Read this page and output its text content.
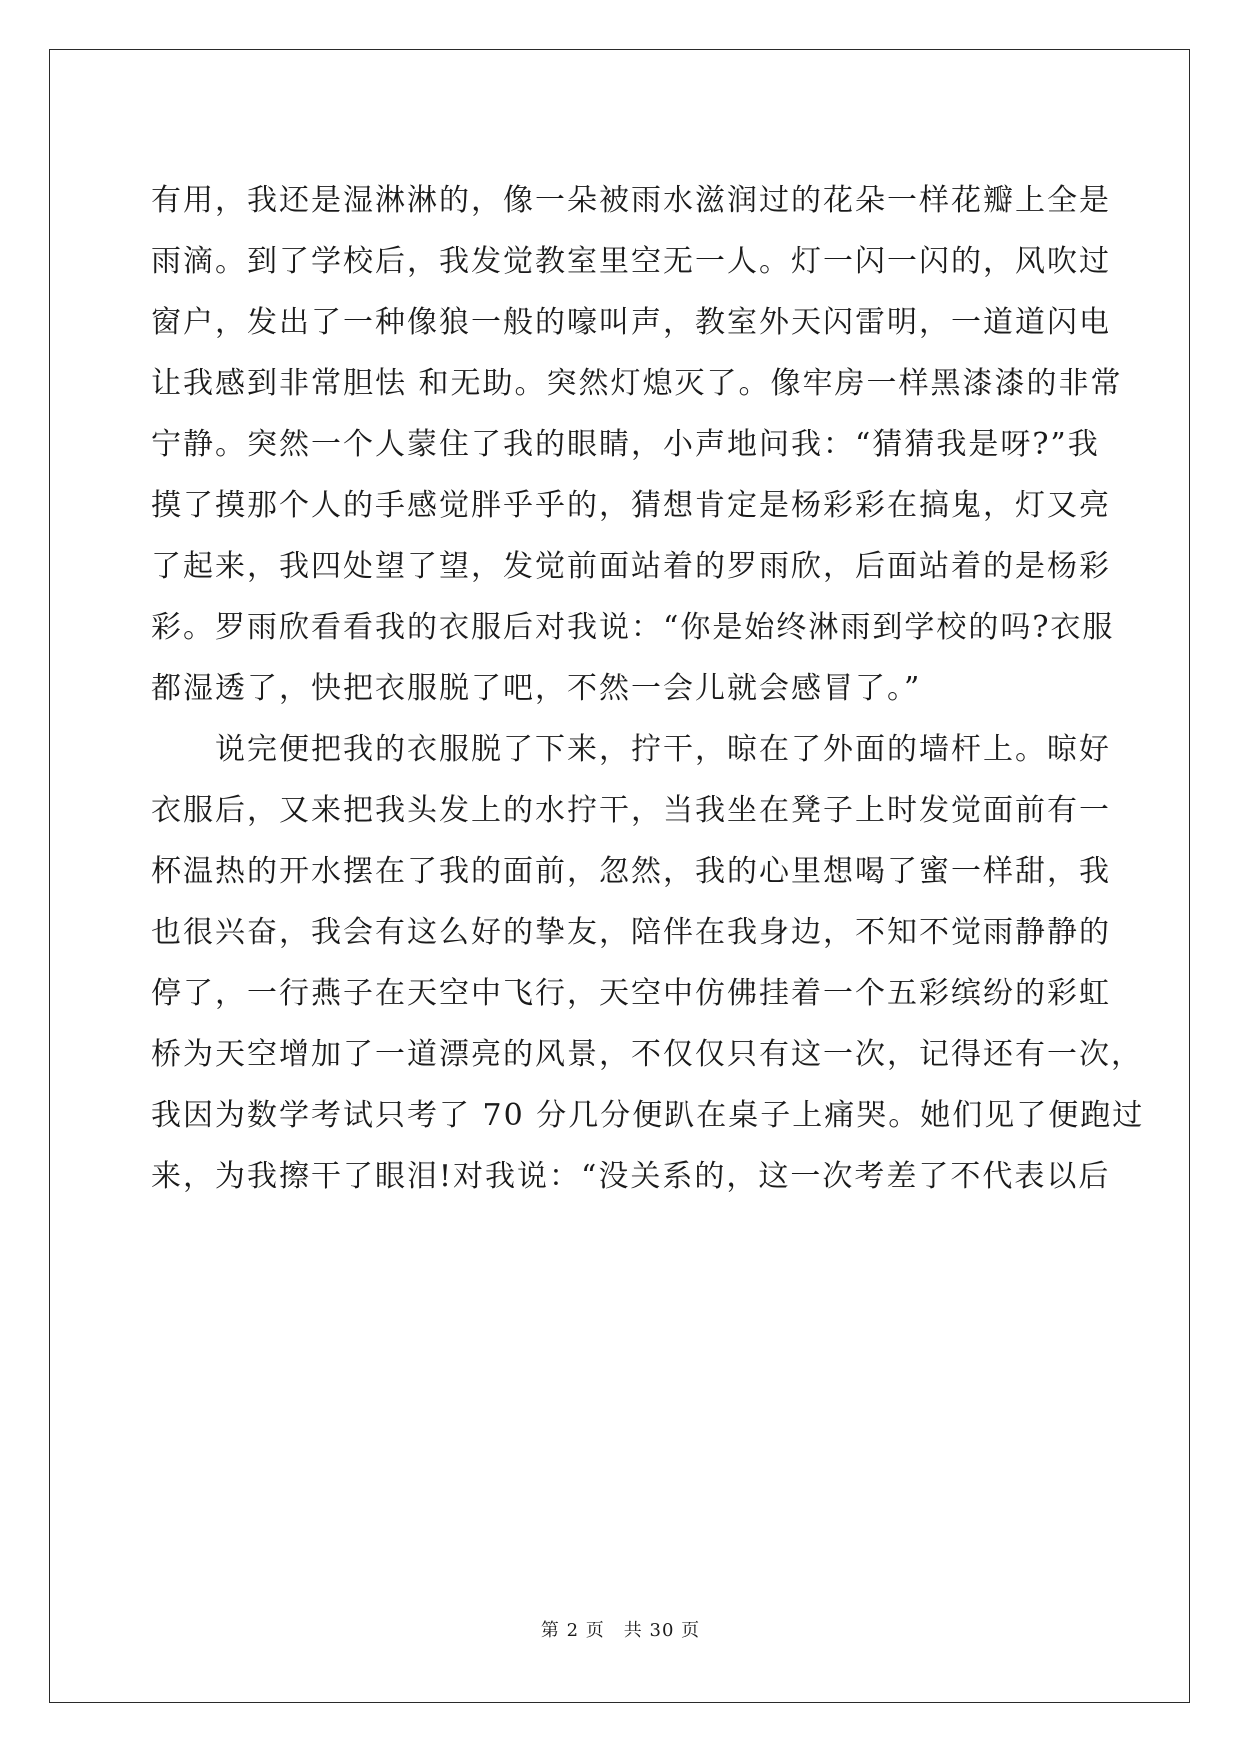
有用，我还是湿淋淋的，像一朵被雨水滋润过的花朵一样花瓣上全是
雨滴。到了学校后，我发觉教室里空无一人。灯一闪一闪的，风吹过
窗户，发出了一种像狼一般的嚎叫声，教室外天闪雷明，一道道闪电
让我感到非常胆怯 和无助。突然灯熄灭了。像牢房一样黑漆漆的非常
宁静。突然一个人蒙住了我的眼睛，小声地问我：“猜猜我是呀?”我
摸了摸那个人的手感觉胖乎乎的，猜想肯定是杨彩彩在搞鬼，灯又亮
了起来，我四处望了望，发觉前面站着的罗雨欣，后面站着的是杨彩
彩。罗雨欣看看我的衣服后对我说：“你是始终淋雨到学校的吗?衣服
都湿透了，快把衣服脱了吧，不然一会儿就会感冒了。”
　　说完便把我的衣服脱了下来，拧干，晾在了外面的墙杆上。晾好
衣服后，又来把我头发上的水拧干，当我坐在凳子上时发觉面前有一
杯温热的开水摆在了我的面前，忽然，我的心里想喝了蜜一样甜，我
也很兴奋，我会有这么好的挚友，陪伴在我身边，不知不觉雨静静的
停了，一行燕子在天空中飞行，天空中仿佛挂着一个五彩缤纷的彩虹
桥为天空增加了一道漂亮的风景，不仅仅只有这一次，记得还有一次，
我因为数学考试只考了 70 分几分便趴在桌子上痛哭。她们见了便跑过
来，为我擦干了眼泪!对我说：“没关系的，这一次考差了不代表以后
第 2 页　共 30 页
